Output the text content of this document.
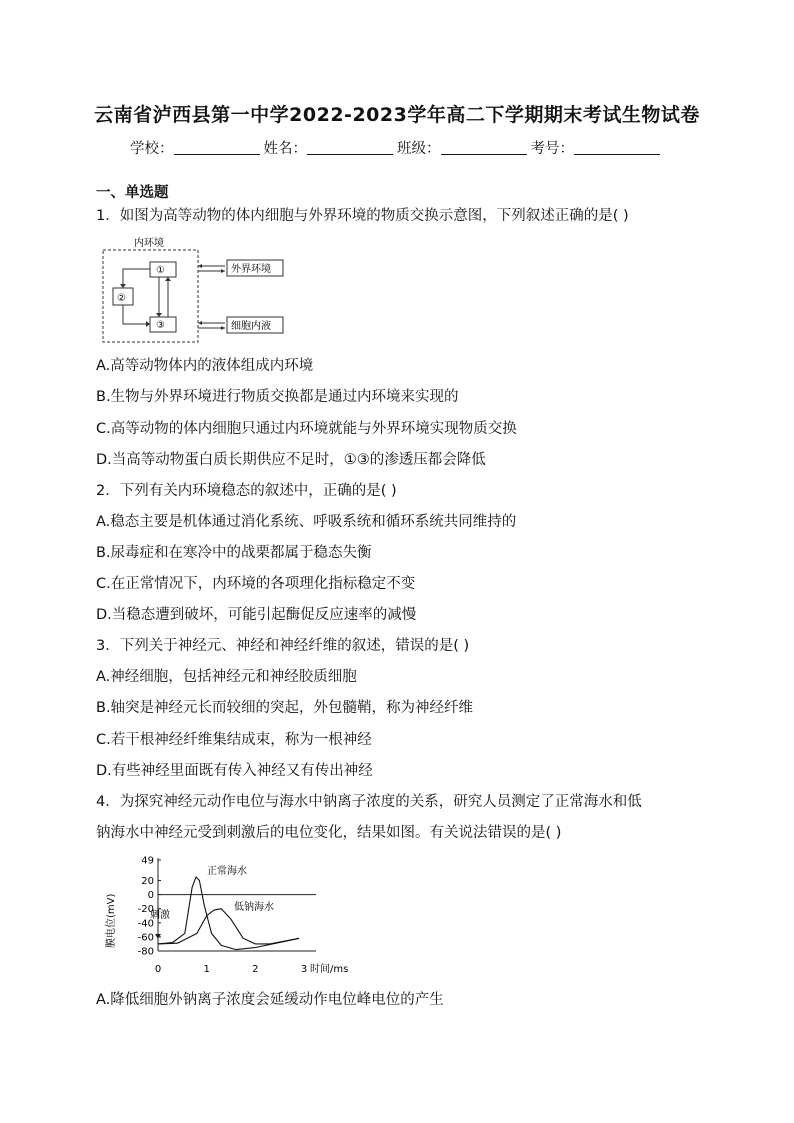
云南省泸西县第一中学2022-2023学年高二下学期期末考试生物试卷
学校：	姓名：	班级：	考号：
一、单选题
1．如图为高等动物的体内细胞与外界环境的物质交换示意图，下列叙述正确的是( )
内环境
①
②
③
外界环境
细胞内液
A.高等动物体内的液体组成内环境
B.生物与外界环境进行物质交换都是通过内环境来实现的
C.高等动物的体内细胞只通过内环境就能与外界环境实现物质交换
D.当高等动物蛋白质长期供应不足时，①③的渗透压都会降低
2．下列有关内环境稳态的叙述中，正确的是( )
A.稳态主要是机体通过消化系统、呼吸系统和循环系统共同维持的
B.尿毒症和在寒冷中的战栗都属于稳态失衡
C.在正常情况下，内环境的各项理化指标稳定不变
D.当稳态遭到破坏，可能引起酶促反应速率的减慢
3．下列关于神经元、神经和神经纤维的叙述，错误的是( )
A.神经细胞，包括神经元和神经胶质细胞
B.轴突是神经元长而较细的突起，外包髓鞘，称为神经纤维
C.若干根神经纤维集结成束，称为一根神经
D.有些神经里面既有传入神经又有传出神经
4．为探究神经元动作电位与海水中钠离子浓度的关系，研究人员测定了正常海水和低
钠海水中神经元受到刺激后的电位变化，结果如图。有关说法错误的是( )
膜电位(mV)
49
20
0
-20
-40
-60
-80
0	1	2	3 时间/ms
刺激
正常海水
低钠海水
A.降低细胞外钠离子浓度会延缓动作电位峰电位的产生
